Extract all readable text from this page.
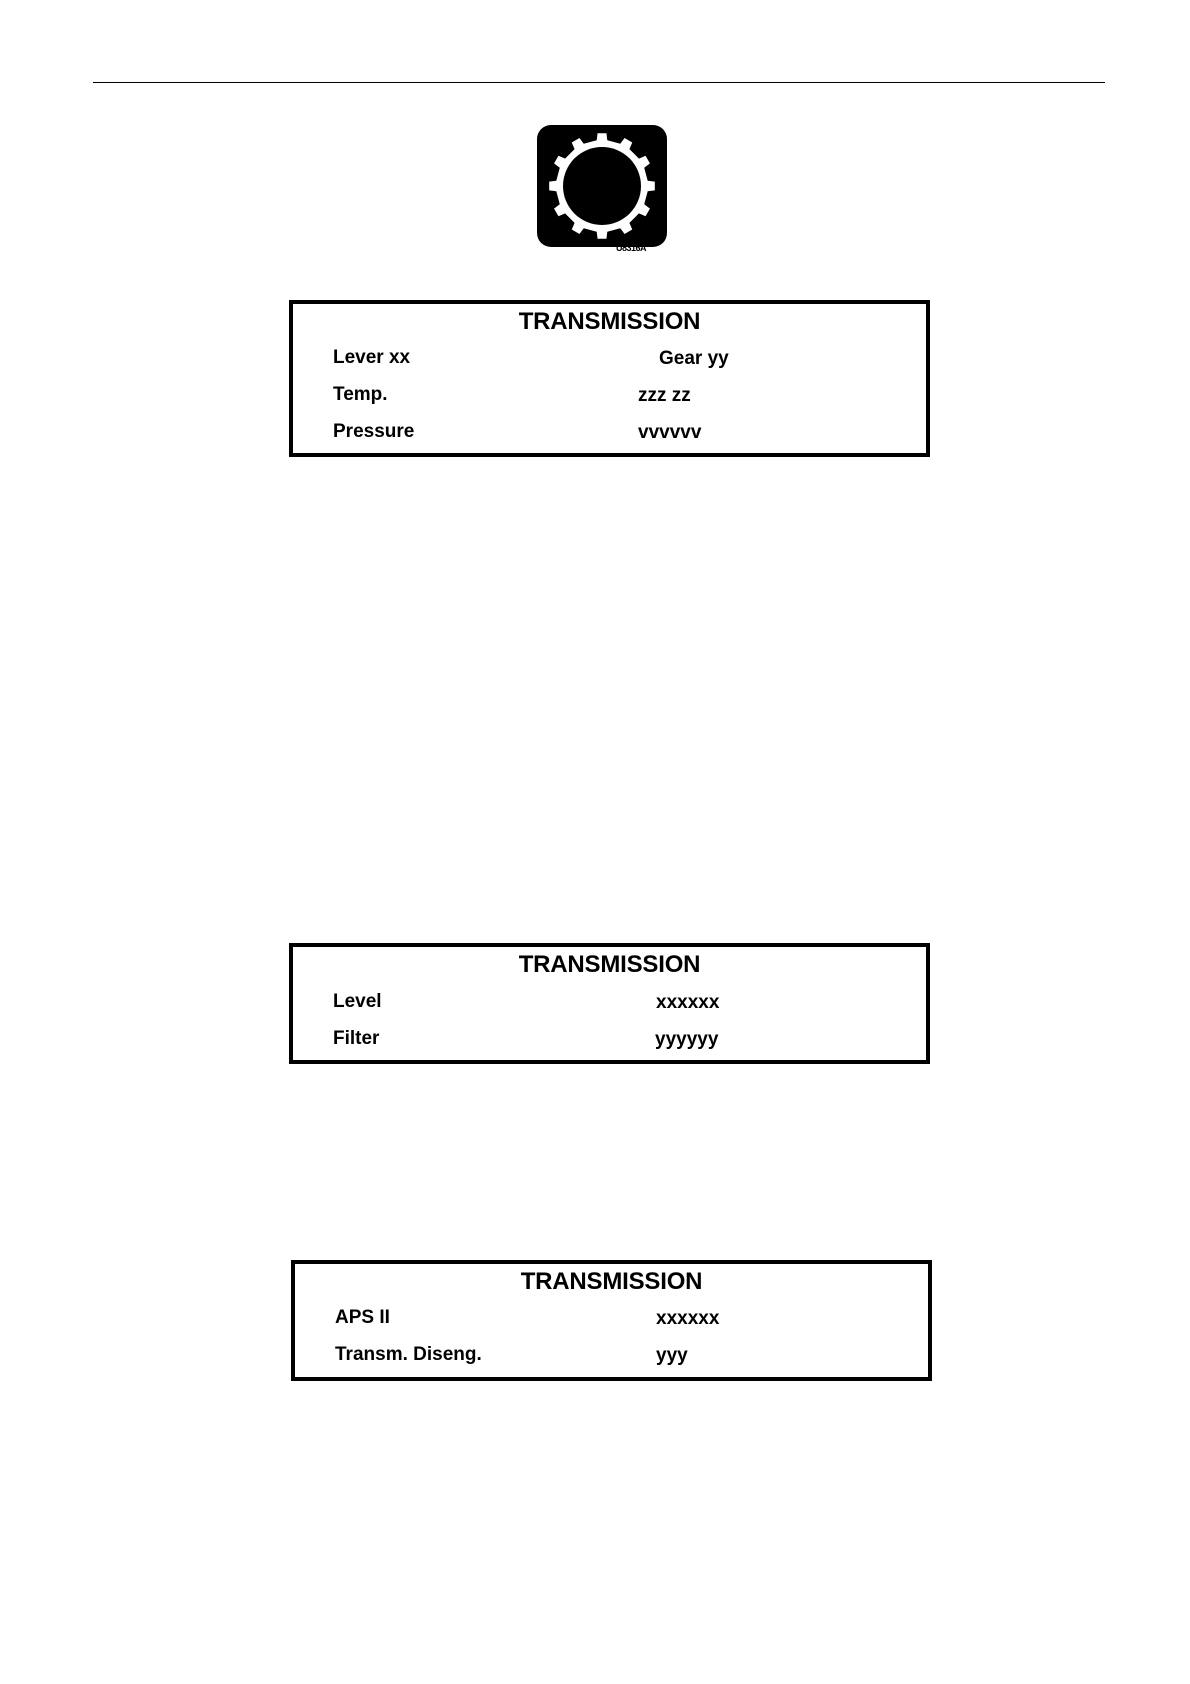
U8316A
TRANSMISSION
Lever xx	Gear yy
Temp.	zzz zz
Pressure	vvvvvv
TRANSMISSION
Level	xxxxxx
Filter	yyyyyy
TRANSMISSION
APS II	xxxxxx
Transm. Diseng.	yyy
